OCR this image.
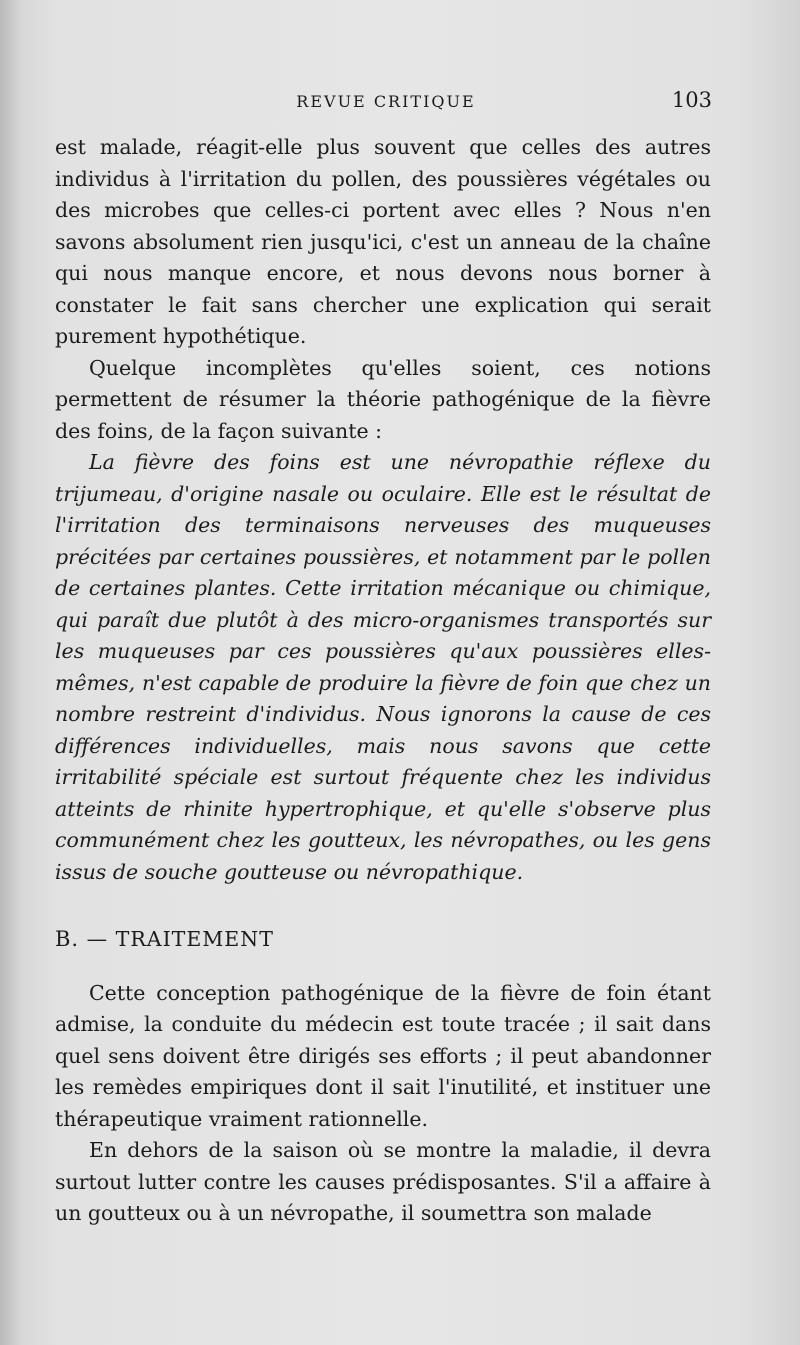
REVUE CRITIQUE	103

est malade, réagit-elle plus souvent que celles des autres individus à l'irritation du pollen, des poussières végétales ou des microbes que celles-ci portent avec elles ? Nous n'en savons absolument rien jusqu'ici, c'est un anneau de la chaîne qui nous manque encore, et nous devons nous borner à constater le fait sans chercher une explication qui serait purement hypothétique.

Quelque incomplètes qu'elles soient, ces notions permettent de résumer la théorie pathogénique de la fièvre des foins, de la façon suivante :

La fièvre des foins est une névropathie réflexe du trijumeau, d'origine nasale ou oculaire. Elle est le résultat de l'irritation des terminaisons nerveuses des muqueuses précitées par certaines poussières, et notamment par le pollen de certaines plantes. Cette irritation mécanique ou chimique, qui paraît due plutôt à des micro-organismes transportés sur les muqueuses par ces poussières qu'aux poussières elles-mêmes, n'est capable de produire la fièvre de foin que chez un nombre restreint d'individus. Nous ignorons la cause de ces différences individuelles, mais nous savons que cette irritabilité spéciale est surtout fréquente chez les individus atteints de rhinite hypertrophique, et qu'elle s'observe plus communément chez les goutteux, les névropathes, ou les gens issus de souche goutteuse ou névropathique.

B. — TRAITEMENT

Cette conception pathogénique de la fièvre de foin étant admise, la conduite du médecin est toute tracée ; il sait dans quel sens doivent être dirigés ses efforts ; il peut abandonner les remèdes empiriques dont il sait l'inutilité, et instituer une thérapeutique vraiment rationnelle.

En dehors de la saison où se montre la maladie, il devra surtout lutter contre les causes prédisposantes. S'il a affaire à un goutteux ou à un névropathe, il soumettra son malade
